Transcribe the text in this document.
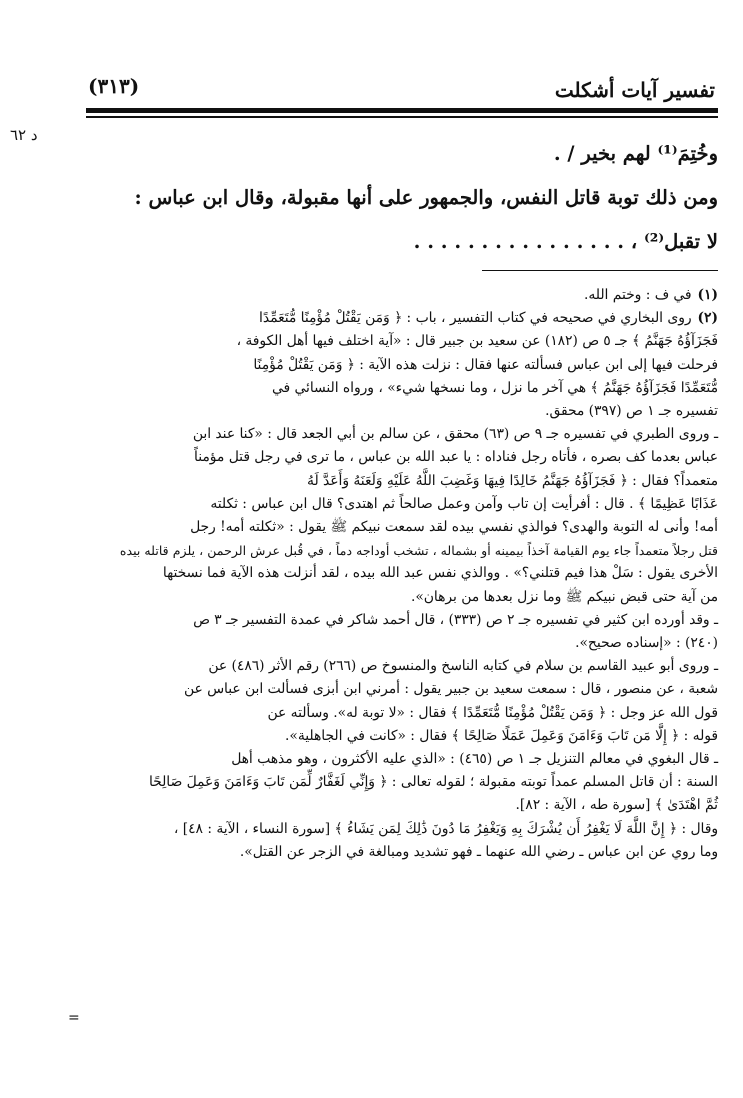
تفسير آيات أشكلت
(٣١٣)
د ٦٢

وخُتِمَ⁽¹⁾ لهم بخير / .

ومن ذلك توبة قاتل النفس، والجمهور على أنها مقبولة، وقال ابن عباس :

لا تقبل⁽²⁾ ، . . . . . . . . . . . . . . . .

(١)في ف : وختم الله.

(٢)روى البخاري في صحيحه في كتاب التفسير ، باب : ﴿ وَمَن يَقْتُلْ مُؤْمِنًا مُّتَعَمِّدًا

فَجَزَآؤُهُ جَهَنَّمُ ﴾ جـ ٥ ص (١٨٢) عن سعيد بن جبير قال : «آية اختلف فيها أهل الكوفة ،

فرحلت فيها إلى ابن عباس فسألته عنها فقال : نزلت هذه الآية : ﴿ وَمَن يَقْتُلْ مُؤْمِنًا

مُّتَعَمِّدًا فَجَزَآؤُهُ جَهَنَّمُ ﴾ هي آخر ما نزل ، وما نسخها شيء» ، ورواه النسائي في

تفسيره جـ ١ ص (٣٩٧) محقق.

ـ وروى الطبري في تفسيره جـ ٩ ص (٦٣) محقق ، عن سالم بن أبي الجعد قال : «كنا عند ابن

عباس بعدما كف بصره ، فأتاه رجل فناداه : يا عبد الله بن عباس ، ما ترى في رجل قتل مؤمناً

متعمداً؟ فقال : ﴿ فَجَزَآؤُهُ جَهَنَّمُ خَالِدًا فِيهَا وَغَضِبَ اللَّهُ عَلَيْهِ وَلَعَنَهُ وَأَعَدَّ لَهُ

عَذَابًا عَظِيمًا ﴾ . قال : أفرأيت إن تاب وآمن وعمل صالحاً ثم اهتدى؟ قال ابن عباس : ثكلته

أمه! وأنى له التوبة والهدى؟ فوالذي نفسي بيده لقد سمعت نبيكم ﷺ يقول : «ثكلته أمه! رجل

قتل رجلاً متعمداً جاء يوم القيامة آخذاً بيمينه أو بشماله ، تشخب أوداجه دماً ، في قُبل عرش الرحمن ، يلزم قاتله بيده

الأخرى يقول : سَلْ هذا فيم قتلني؟» . ووالذي نفس عبد الله بيده ، لقد أنزلت هذه الآية فما نسختها

من آية حتى قبض نبيكم ﷺ وما نزل بعدها من برهان».

ـ وقد أورده ابن كثير في تفسيره جـ ٢ ص (٣٣٣) ، قال أحمد شاكر في عمدة التفسير جـ ٣ ص

(٢٤٠) : «إسناده صحيح».

ـ وروى أبو عبيد القاسم بن سلام في كتابه الناسخ والمنسوخ ص (٢٦٦) رقم الأثر (٤٨٦) عن

شعبة ، عن منصور ، قال : سمعت سعيد بن جبير يقول : أمرني ابن أبزى فسألت ابن عباس عن

قول الله عز وجل : ﴿ وَمَن يَقْتُلْ مُؤْمِنًا مُّتَعَمِّدًا ﴾ فقال : «لا توبة له». وسألته عن

قوله : ﴿ إِلَّا مَن تَابَ وَءَامَنَ وَعَمِلَ عَمَلًا صَالِحًا ﴾ فقال : «كانت في الجاهلية».

ـ قال البغوي في معالم التنزيل جـ ١ ص (٤٦٥) : «الذي عليه الأكثرون ، وهو مذهب أهل

السنة : أن قاتل المسلم عمداً توبته مقبولة ؛ لقوله تعالى : ﴿ وَإِنِّي لَغَفَّارٌ لِّمَن تَابَ وَءَامَنَ وَعَمِلَ صَالِحًا

ثُمَّ اهْتَدَىٰ ﴾ [سورة طه ، الآية : ٨٢].

وقال : ﴿ إِنَّ اللَّهَ لَا يَغْفِرُ أَن يُشْرَكَ بِهِ وَيَغْفِرُ مَا دُونَ ذَٰلِكَ لِمَن يَشَاءُ ﴾ [سورة النساء ، الآية : ٤٨] ،

وما روي عن ابن عباس ـ رضي الله عنهما ـ فهو تشديد ومبالغة في الزجر عن القتل».

=
